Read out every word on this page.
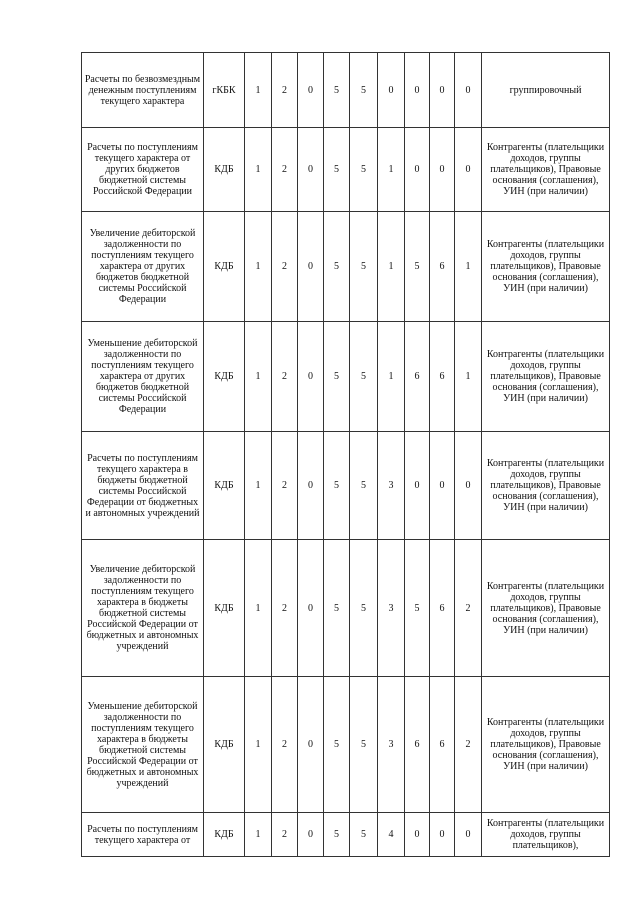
Расчеты по безвозмездным денежным поступлениям текущего характера	гКБК	1	2	0	5	5	0	0	0	0	группировочный
Расчеты по поступлениям текущего характера от других бюджетов бюджетной системы Российской Федерации	КДБ	1	2	0	5	5	1	0	0	0	Контрагенты (плательщики доходов, группы плательщиков), Правовые основания (соглашения), УИН (при наличии)
Увеличение дебиторской задолженности по поступлениям текущего характера от других бюджетов бюджетной системы Российской Федерации	КДБ	1	2	0	5	5	1	5	6	1	Контрагенты (плательщики доходов, группы плательщиков), Правовые основания (соглашения), УИН (при наличии)
Уменьшение дебиторской задолженности по поступлениям текущего характера от других бюджетов бюджетной системы Российской Федерации	КДБ	1	2	0	5	5	1	6	6	1	Контрагенты (плательщики доходов, группы плательщиков), Правовые основания (соглашения), УИН (при наличии)
Расчеты по поступлениям текущего характера в бюджеты бюджетной системы Российской Федерации от бюджетных и автономных учреждений	КДБ	1	2	0	5	5	3	0	0	0	Контрагенты (плательщики доходов, группы плательщиков), Правовые основания (соглашения), УИН (при наличии)
Увеличение дебиторской задолженности по поступлениям текущего характера в бюджеты бюджетной системы Российской Федерации от бюджетных и автономных учреждений	КДБ	1	2	0	5	5	3	5	6	2	Контрагенты (плательщики доходов, группы плательщиков), Правовые основания (соглашения), УИН (при наличии)
Уменьшение дебиторской задолженности по поступлениям текущего характера в бюджеты бюджетной системы Российской Федерации от бюджетных и автономных учреждений	КДБ	1	2	0	5	5	3	6	6	2	Контрагенты (плательщики доходов, группы плательщиков), Правовые основания (соглашения), УИН (при наличии)
Расчеты по поступлениям текущего характера от	КДБ	1	2	0	5	5	4	0	0	0	Контрагенты (плательщики доходов, группы плательщиков),
